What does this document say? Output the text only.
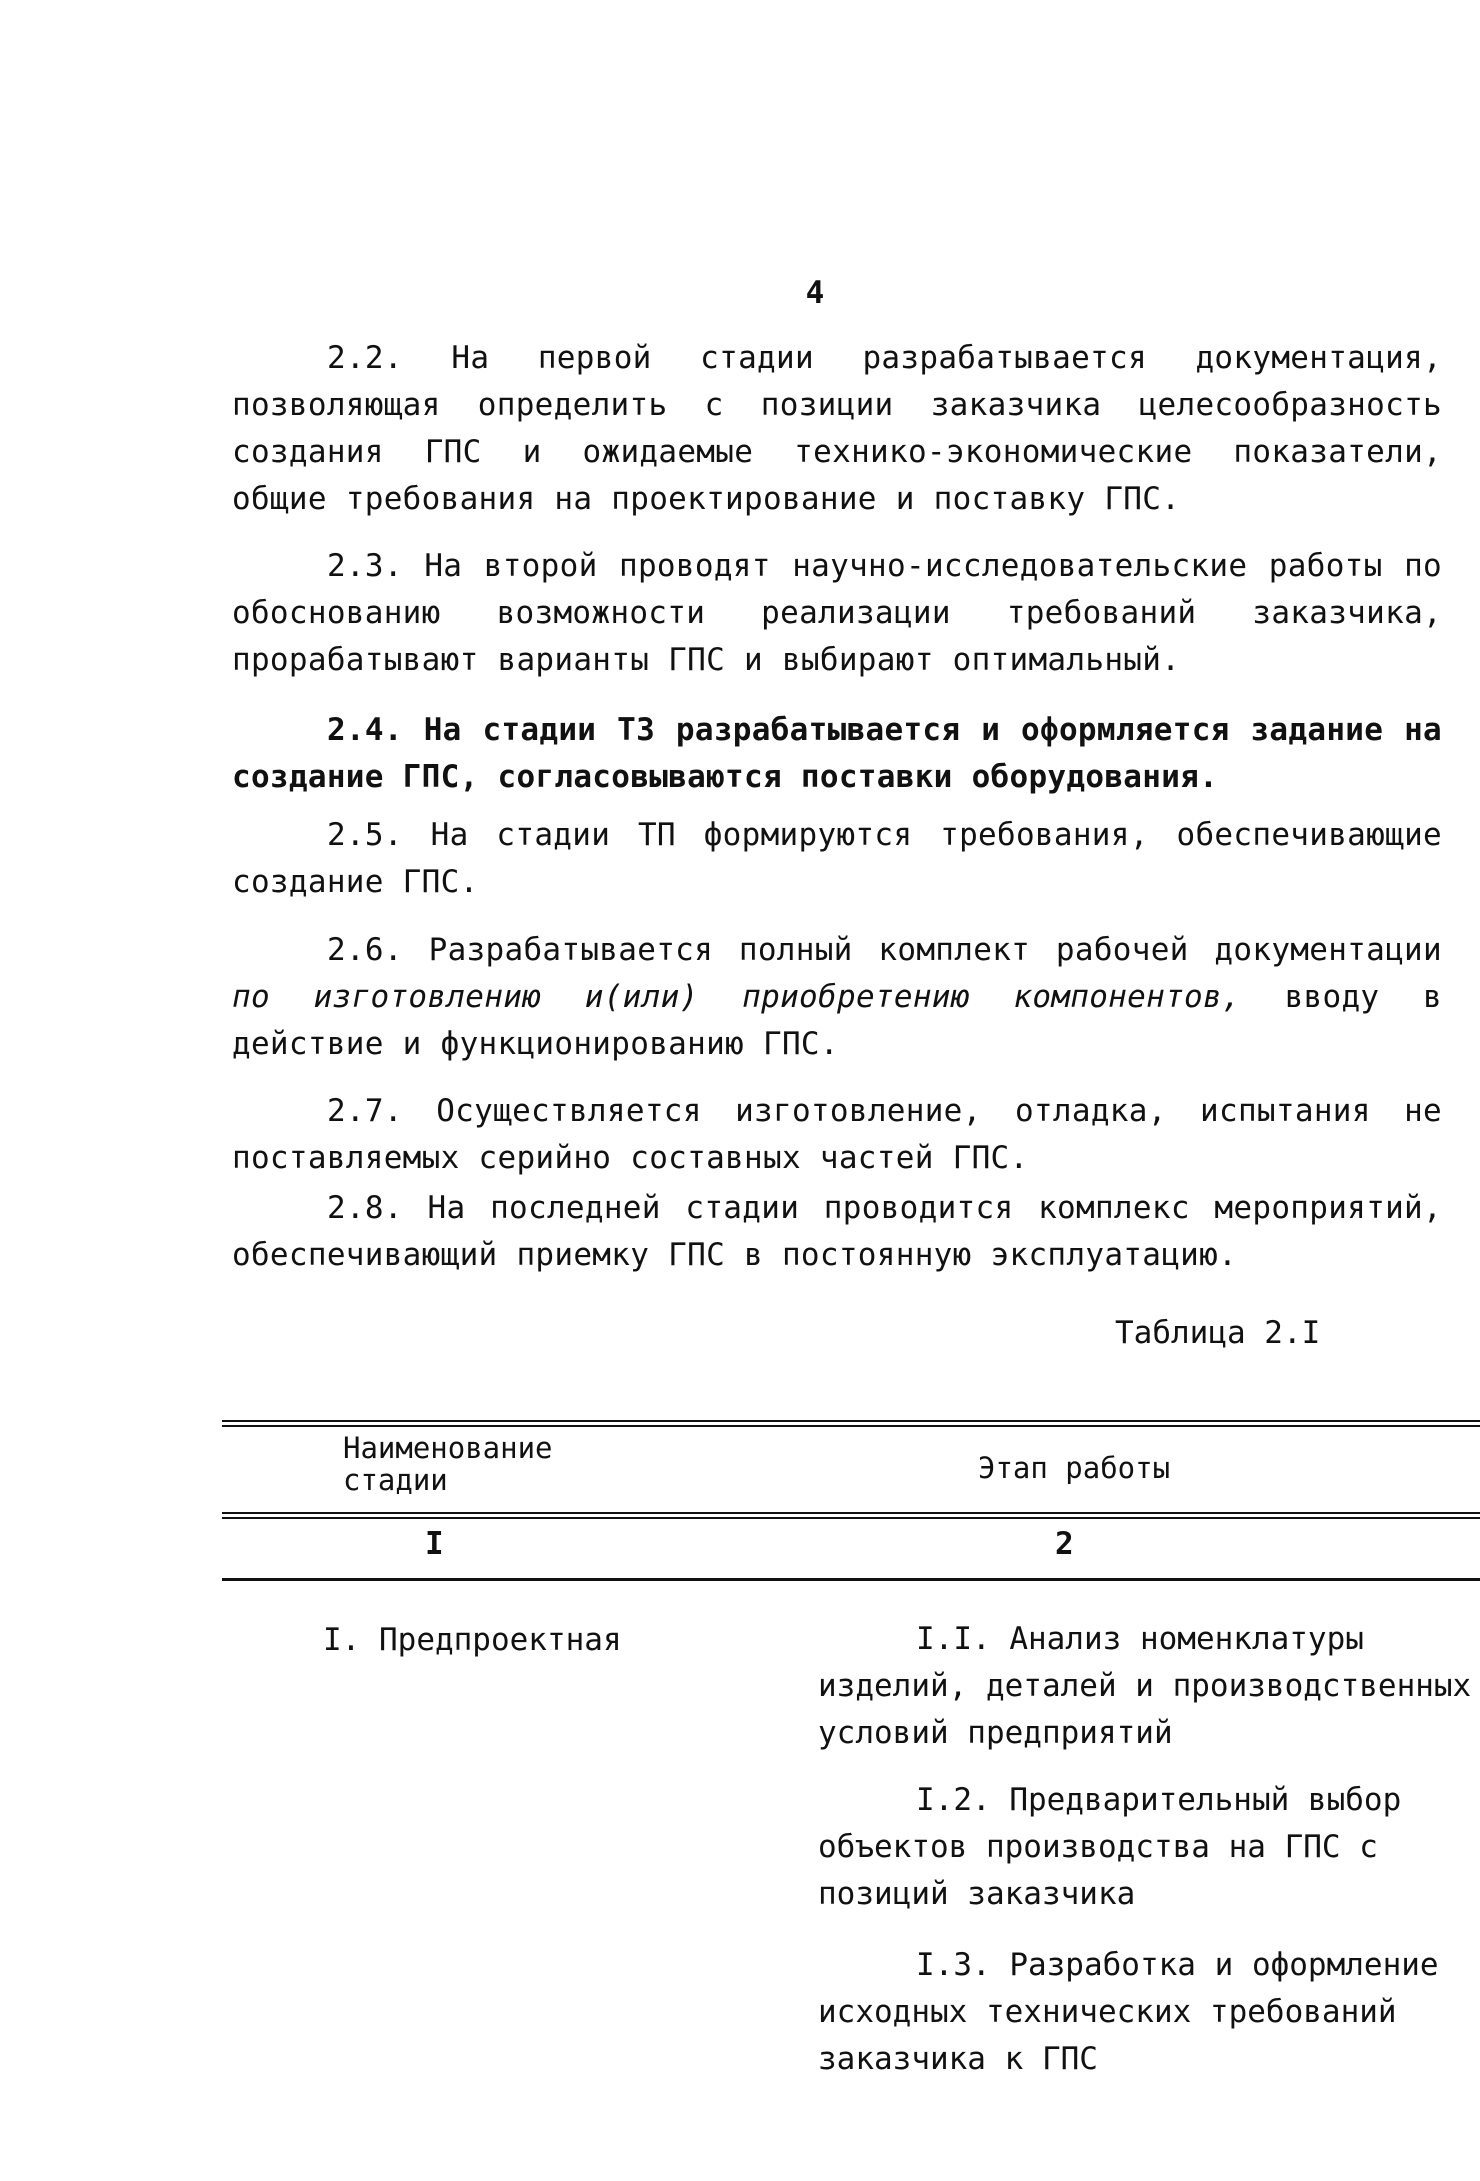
4

2.2. На первой стадии разрабатывается документация, позволяющая определить с позиции заказчика целесообразность создания ГПС и ожидаемые технико-экономические показатели, общие требования на проектирование и поставку ГПС.

2.3. На второй проводят научно-исследовательские работы по обоснованию возможности реализации требований заказчика, прорабатывают варианты ГПС и выбирают оптимальный.

2.4. На стадии ТЗ разрабатывается и оформляется задание на создание ГПС, согласовываются поставки оборудования.

2.5. На стадии ТП формируются требования, обеспечивающие создание ГПС.

2.6. Разрабатывается полный комплект рабочей документации по изготовлению и(или) приобретению компонентов, вводу в действие и функционированию ГПС.

2.7. Осуществляется изготовление, отладка, испытания не поставляемых серийно составных частей ГПС.

2.8. На последней стадии проводится комплекс мероприятий, обеспечивающий приемку ГПС в постоянную эксплуатацию.

Таблица 2.I
Наименование стадии	Этап работы
I	2
I. Предпроектная	I.I. Анализ номенклатуры изделий, деталей и производственных условий предприятий

I.2. Предварительный выбор объектов производства на ГПС с позиций заказчика

I.3. Разработка и оформление исходных технических требований заказчика к ГПС
